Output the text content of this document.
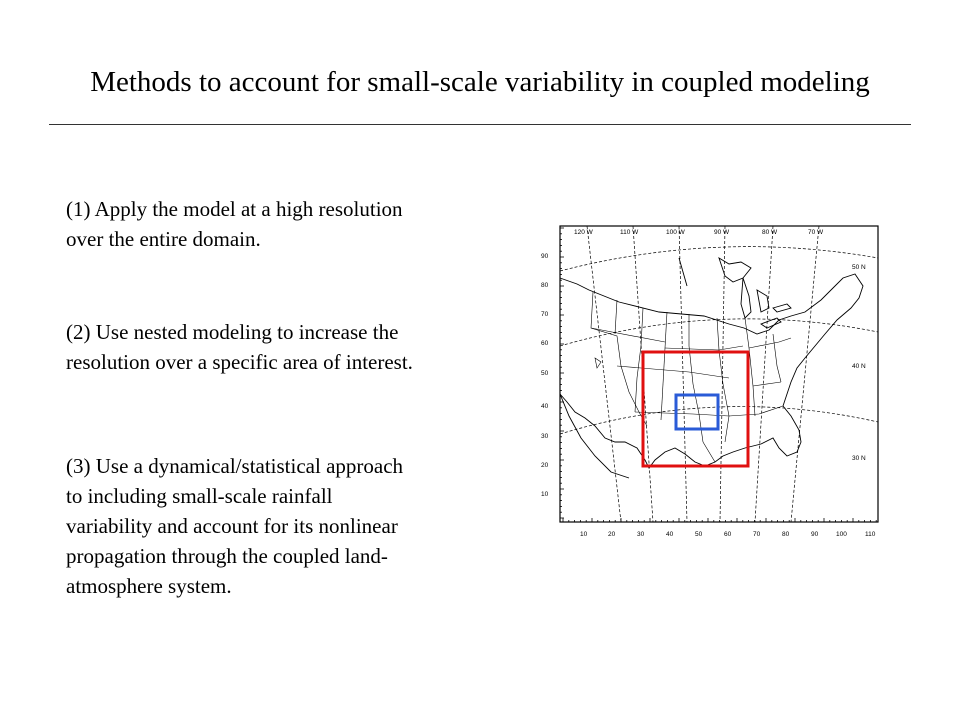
Methods to account for small-scale variability in coupled modeling
(1) Apply the model at a high resolution
over the entire domain.
(2) Use nested modeling to increase the
resolution over a specific area of interest.
(3) Use a dynamical/statistical approach
to including small-scale rainfall
variability and account for its nonlinear
propagation through the coupled land-
atmosphere system.
120 W	110 W	100 W	90 W	80 W	70 W
50 N
40 N
30 N
90
80
70
60
50
40
30
20
10
10	20	30	40	50	60	70	80	90	100	110
